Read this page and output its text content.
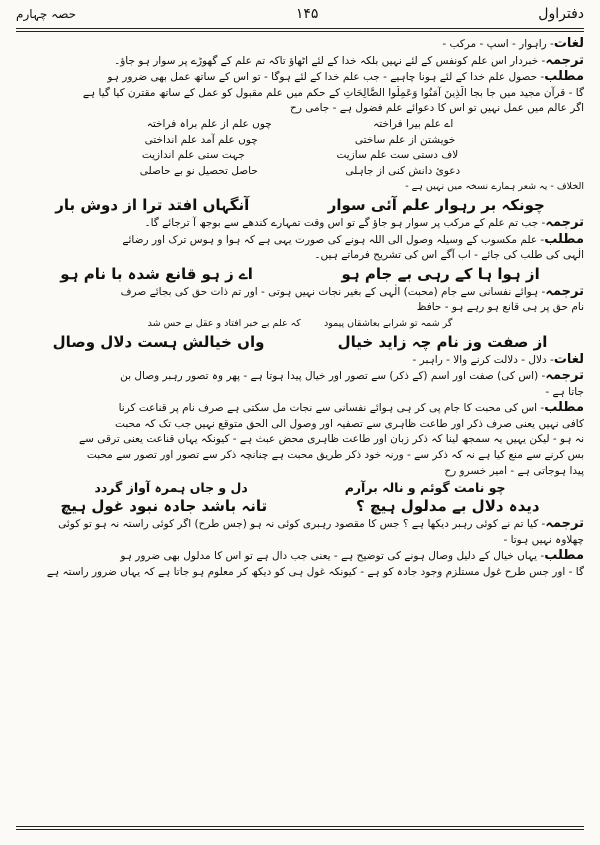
دفتراول
۱۴۵
حصہ چہارم
لغات- راہوار - اسپ - مرکب -
ترجمہ- خبردار اس علم کونفس کے لئے نہیں بلکہ خدا کے لئے اٹھاؤ تاکہ تم علم کے گھوڑے پر سوار ہو جاؤ۔
مطلب- حصول علم خدا کے لئے ہونا چاہیے - جب علم خدا کے لئے ہوگا - تو اس کے ساتھ عمل بھی ضرور ہو
گا - قرآن مجید میں جا بجا الَّذِینَ آمَنُوا وَعَمِلُوا الصَّالِحَاتِ کے حکم میں علم مقبول کو عمل کے ساتھ مقترن کیا گیا ہے
اگر عالم میں عمل نہیں تو اس کا دعوائے علم فضول ہے - جامی رح
اے علم بیرا فراختہ
چوں علم از علم براہ فراختہ
خویشتن از علم ساختی
چوں علم آمد علم انداختی
لاف دستی ست علم سازیت
جہت ستی علم اندازیت
دعوئ دانش کنی از جاہلی
حاصل تحصیل نو بے حاصلی
الخلاف - یہ شعر ہمارے نسخہ میں نہیں ہے -
چونکہ بر رہوار علم آئی سوار
آنگہاں افتد ترا از دوش بار
ترجمہ- جب تم علم کے مرکب پر سوار ہو جاؤ گے تو اس وقت تمہارے کندھے سے بوجھ آ ترجائے گا۔
مطلب- علم مکسوب کے وسیلہ وصول الی اللہ ہونے کی صورت یہی ہے کہ ہوا و ہوس ترک اور رضائے
الٰہی کی طلب کی جائے - اب آگے اس کی تشریح فرماتے ہیں۔
از ہوا ہا کے رہی بے جام ہو
اے ز ہو قانع شدہ با نام ہو
ترجمہ- ہوائے نفسانی سے جام (محبت) الٰہی کے بغیر نجات نہیں ہوتی - اور تم ذات حق کی بجائے صرف
نام حق پر ہی قانع ہو رہے ہو - حافظ
گر شمہ تو شرابے بعاشقاں پیمود
کہ علم بے خبر افتاد و عقل بے حس شد
از صفت وز نام چہ زاید خیال
واں خیالش ہست دلال وصال
لغات- دلال - دلالت کرنے والا - راہبر -
ترجمہ- (اس کی) صفت اور اسم (کے ذکر) سے تصور اور خیال پیدا ہوتا ہے - پھر وہ تصور رہبر وصال بن
جاتا ہے -
مطلب- اس کی محبت کا جام پی کر ہی ہوائے نفسانی سے نجات مل سکتی ہے صرف نام پر قناعت کرنا
کافی نہیں یعنی صرف ذکر اور طاعت ظاہری سے تصفیہ اور وصول الی الحق متوقع نہیں جب تک کہ محبت
نہ ہو - لیکن یہیں یہ سمجھ لینا کہ ذکر زبان اور طاعت ظاہری محض عبث ہے - کیونکہ یہاں قناعت یعنی ترقی سے
بس کرنے سے منع کیا ہے نہ کہ ذکر سے - ورنہ خود ذکر طریق محبت ہے چنانچہ ذکر سے تصور اور تصور سے محبت
پیدا ہوجاتی ہے - امیر خسرو رح
چو نامت گوئم و نالہ برآرم
دل و جاں ہمرہ آواز گردد
دیدہ دلال بے مدلول ہیچ ؟
تانہ باشد جادہ نبود غول ہیچ
ترجمہ- کیا تم نے کوئی رہبر دیکھا ہے ؟ جس کا مقصود رہبری کوئی نہ ہو (جس طرح) اگر کوئی راستہ نہ ہو تو کوئی
چھلاوہ نہیں ہوتا -
مطلب- یہاں خیال کے دلیل وصال ہونے کی توضیح ہے - یعنی جب دال ہے تو اس کا مدلول بھی ضرور ہو
گا - اور جس طرح غول مستلزم وجود جادہ کو ہے - کیونکہ غول ہی کو دیکھ کر معلوم ہو جاتا ہے کہ یہاں ضرور راستہ ہے
